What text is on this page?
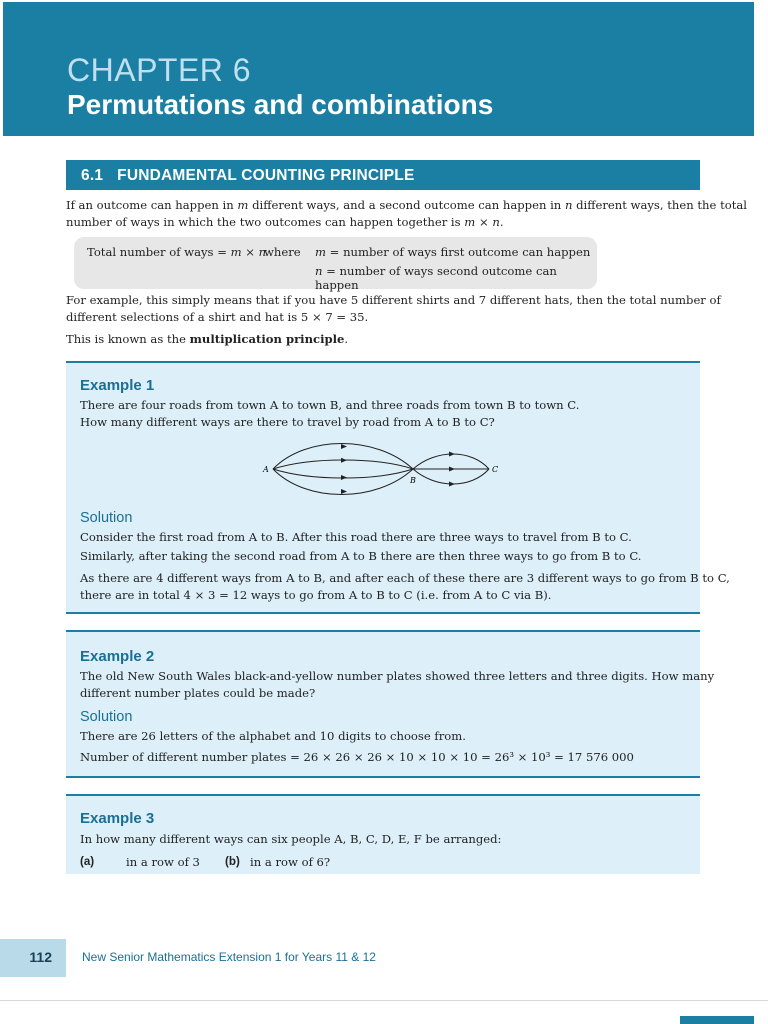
CHAPTER 6
Permutations and combinations
6.1 FUNDAMENTAL COUNTING PRINCIPLE
If an outcome can happen in m different ways, and a second outcome can happen in n different ways, then the total
number of ways in which the two outcomes can happen together is m × n.
Total number of ways = m × n
where m = number of ways first outcome can happen
n = number of ways second outcome can happen
For example, this simply means that if you have 5 different shirts and 7 different hats, then the total number of
different selections of a shirt and hat is 5 × 7 = 35.
This is known as the multiplication principle.
Example 1
There are four roads from town A to town B, and three roads from town B to town C.
How many different ways are there to travel by road from A to B to C?
A
B
C
Solution
Consider the first road from A to B. After this road there are three ways to travel from B to C.
Similarly, after taking the second road from A to B there are then three ways to go from B to C.
As there are 4 different ways from A to B, and after each of these there are 3 different ways to go from B to C,
there are in total 4 × 3 = 12 ways to go from A to B to C (i.e. from A to C via B).
Example 2
The old New South Wales black-and-yellow number plates showed three letters and three digits. How many
different number plates could be made?
Solution
There are 26 letters of the alphabet and 10 digits to choose from.
Number of different number plates = 26 × 26 × 26 × 10 × 10 × 10 = 26³ × 10³ = 17 576 000
Example 3
In how many different ways can six people A, B, C, D, E, F be arranged:
(a)	in a row of 3 (b) in a row of 6?
112	New Senior Mathematics Extension 1 for Years 11 & 12
